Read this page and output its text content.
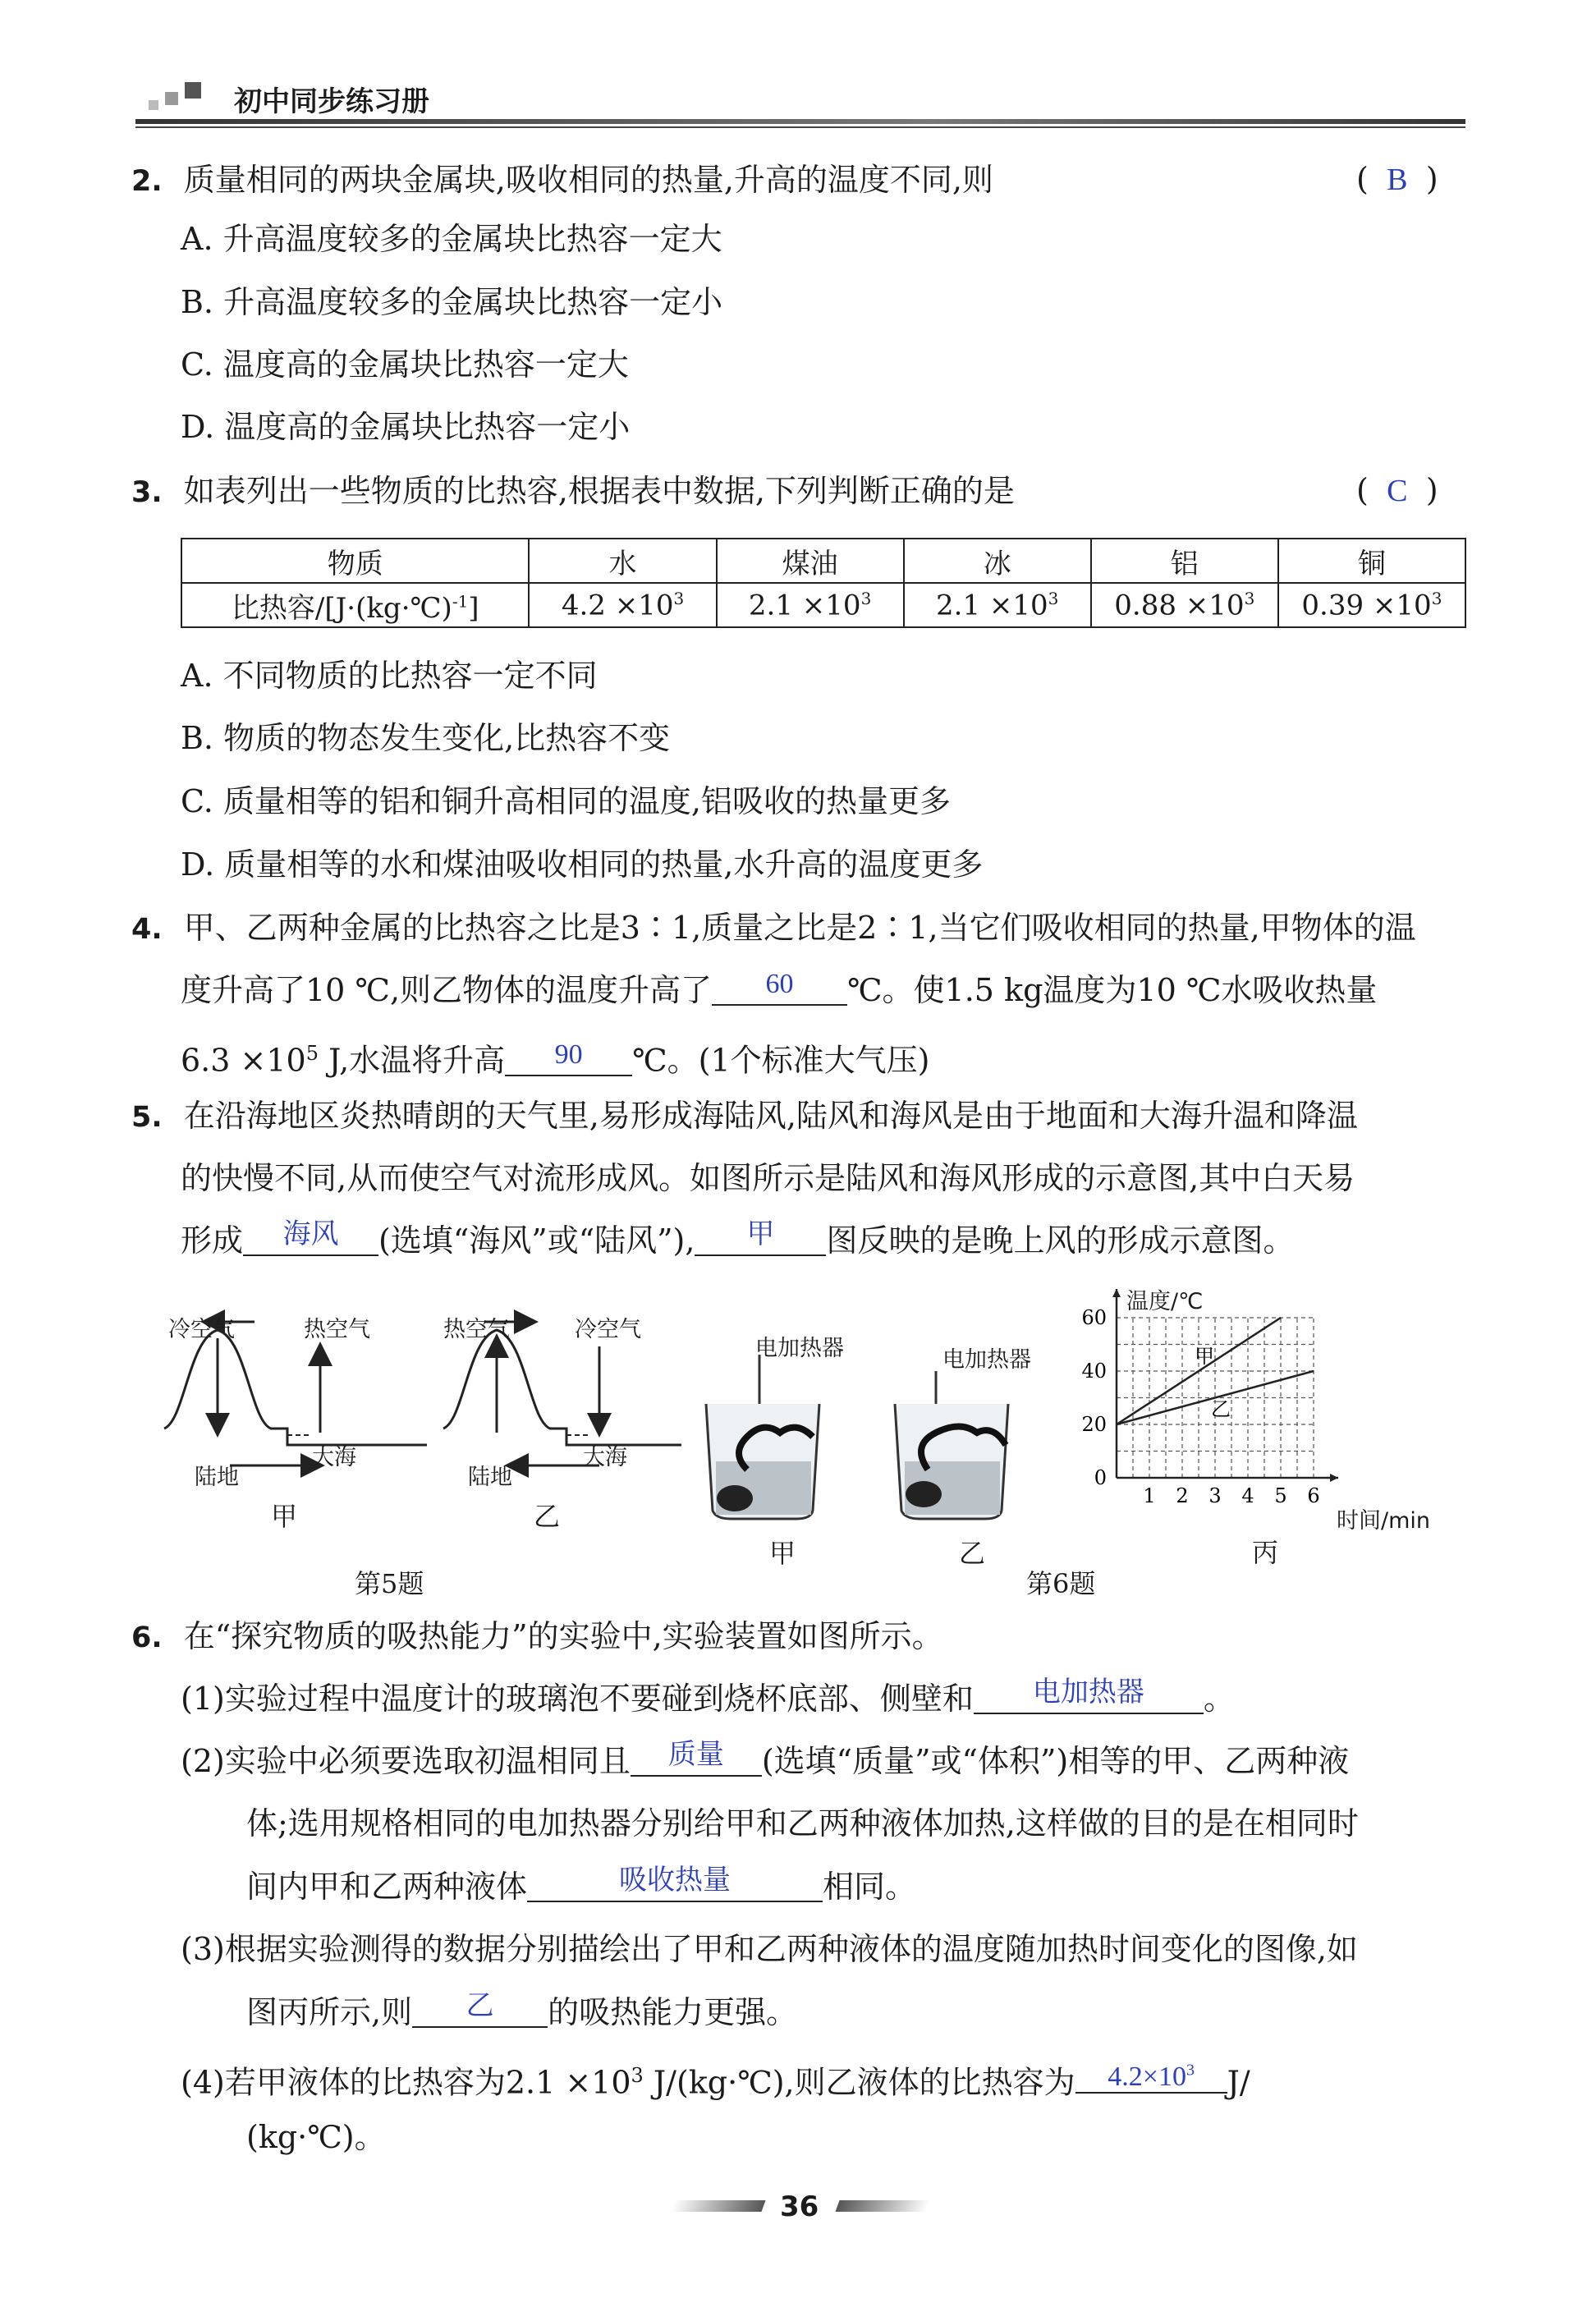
初中同步练习册
2. 质量相同的两块金属块,吸收相同的热量,升高的温度不同,则	( B )
A. 升高温度较多的金属块比热容一定大
B. 升高温度较多的金属块比热容一定小
C. 温度高的金属块比热容一定大
D. 温度高的金属块比热容一定小
3. 如表列出一些物质的比热容,根据表中数据,下列判断正确的是	( C )
物质	水	煤油	冰	铝	铜
比热容/[J·(kg·℃)$^{-1}$]	$4.2 \times 10^3$	$2.1 \times 10^3$	$2.1 \times 10^3$	$0.88 \times 10^3$	$0.39 \times 10^3$
A. 不同物质的比热容一定不同
B. 物质的物态发生变化,比热容不变
C. 质量相等的铝和铜升高相同的温度,铝吸收的热量更多
D. 质量相等的水和煤油吸收相同的热量,水升高的温度更多
4. 甲、乙两种金属的比热容之比是3∶1,质量之比是2∶1,当它们吸收相同的热量,甲物体的温
度升高了10 ℃,则乙物体的温度升高了 60 ℃。使1.5 kg温度为10 ℃水吸收热量
$6.3 \times 10^5$ J,水温将升高 90 ℃。(1个标准大气压)
5. 在沿海地区炎热晴朗的天气里,易形成海陆风,陆风和海风是由于地面和大海升温和降温
的快慢不同,从而使空气对流形成风。如图所示是陆风和海风形成的示意图,其中白天易
形成 海风 (选填“海风”或“陆风”), 甲 图反映的是晚上风的形成示意图。
冷空气	热空气
陆地
大海
甲
热空气	冷空气
陆地
大海
乙
第5题
电加热器	电加热器
甲	乙
温度/℃
时间/min
1 2 3 4 5 6
0
20
40
60
甲
乙
丙
第6题
6. 在“探究物质的吸热能力”的实验中,实验装置如图所示。
(1)实验过程中温度计的玻璃泡不要碰到烧杯底部、侧壁和 电加热器 。
(2)实验中必须要选取初温相同且 质量 (选填“质量”或“体积”)相等的甲、乙两种液
体;选用规格相同的电加热器分别给甲和乙两种液体加热,这样做的目的是在相同时
间内甲和乙两种液体	吸收热量	相同。
(3)根据实验测得的数据分别描绘出了甲和乙两种液体的温度随加热时间变化的图像,如
图丙所示,则 乙 的吸热能力更强。
(4)若甲液体的比热容为$2.1 \times 10^3$ J/(kg·℃),则乙液体的比热容为 $4.2\times 10^3$ J/
(kg·℃)。
36
